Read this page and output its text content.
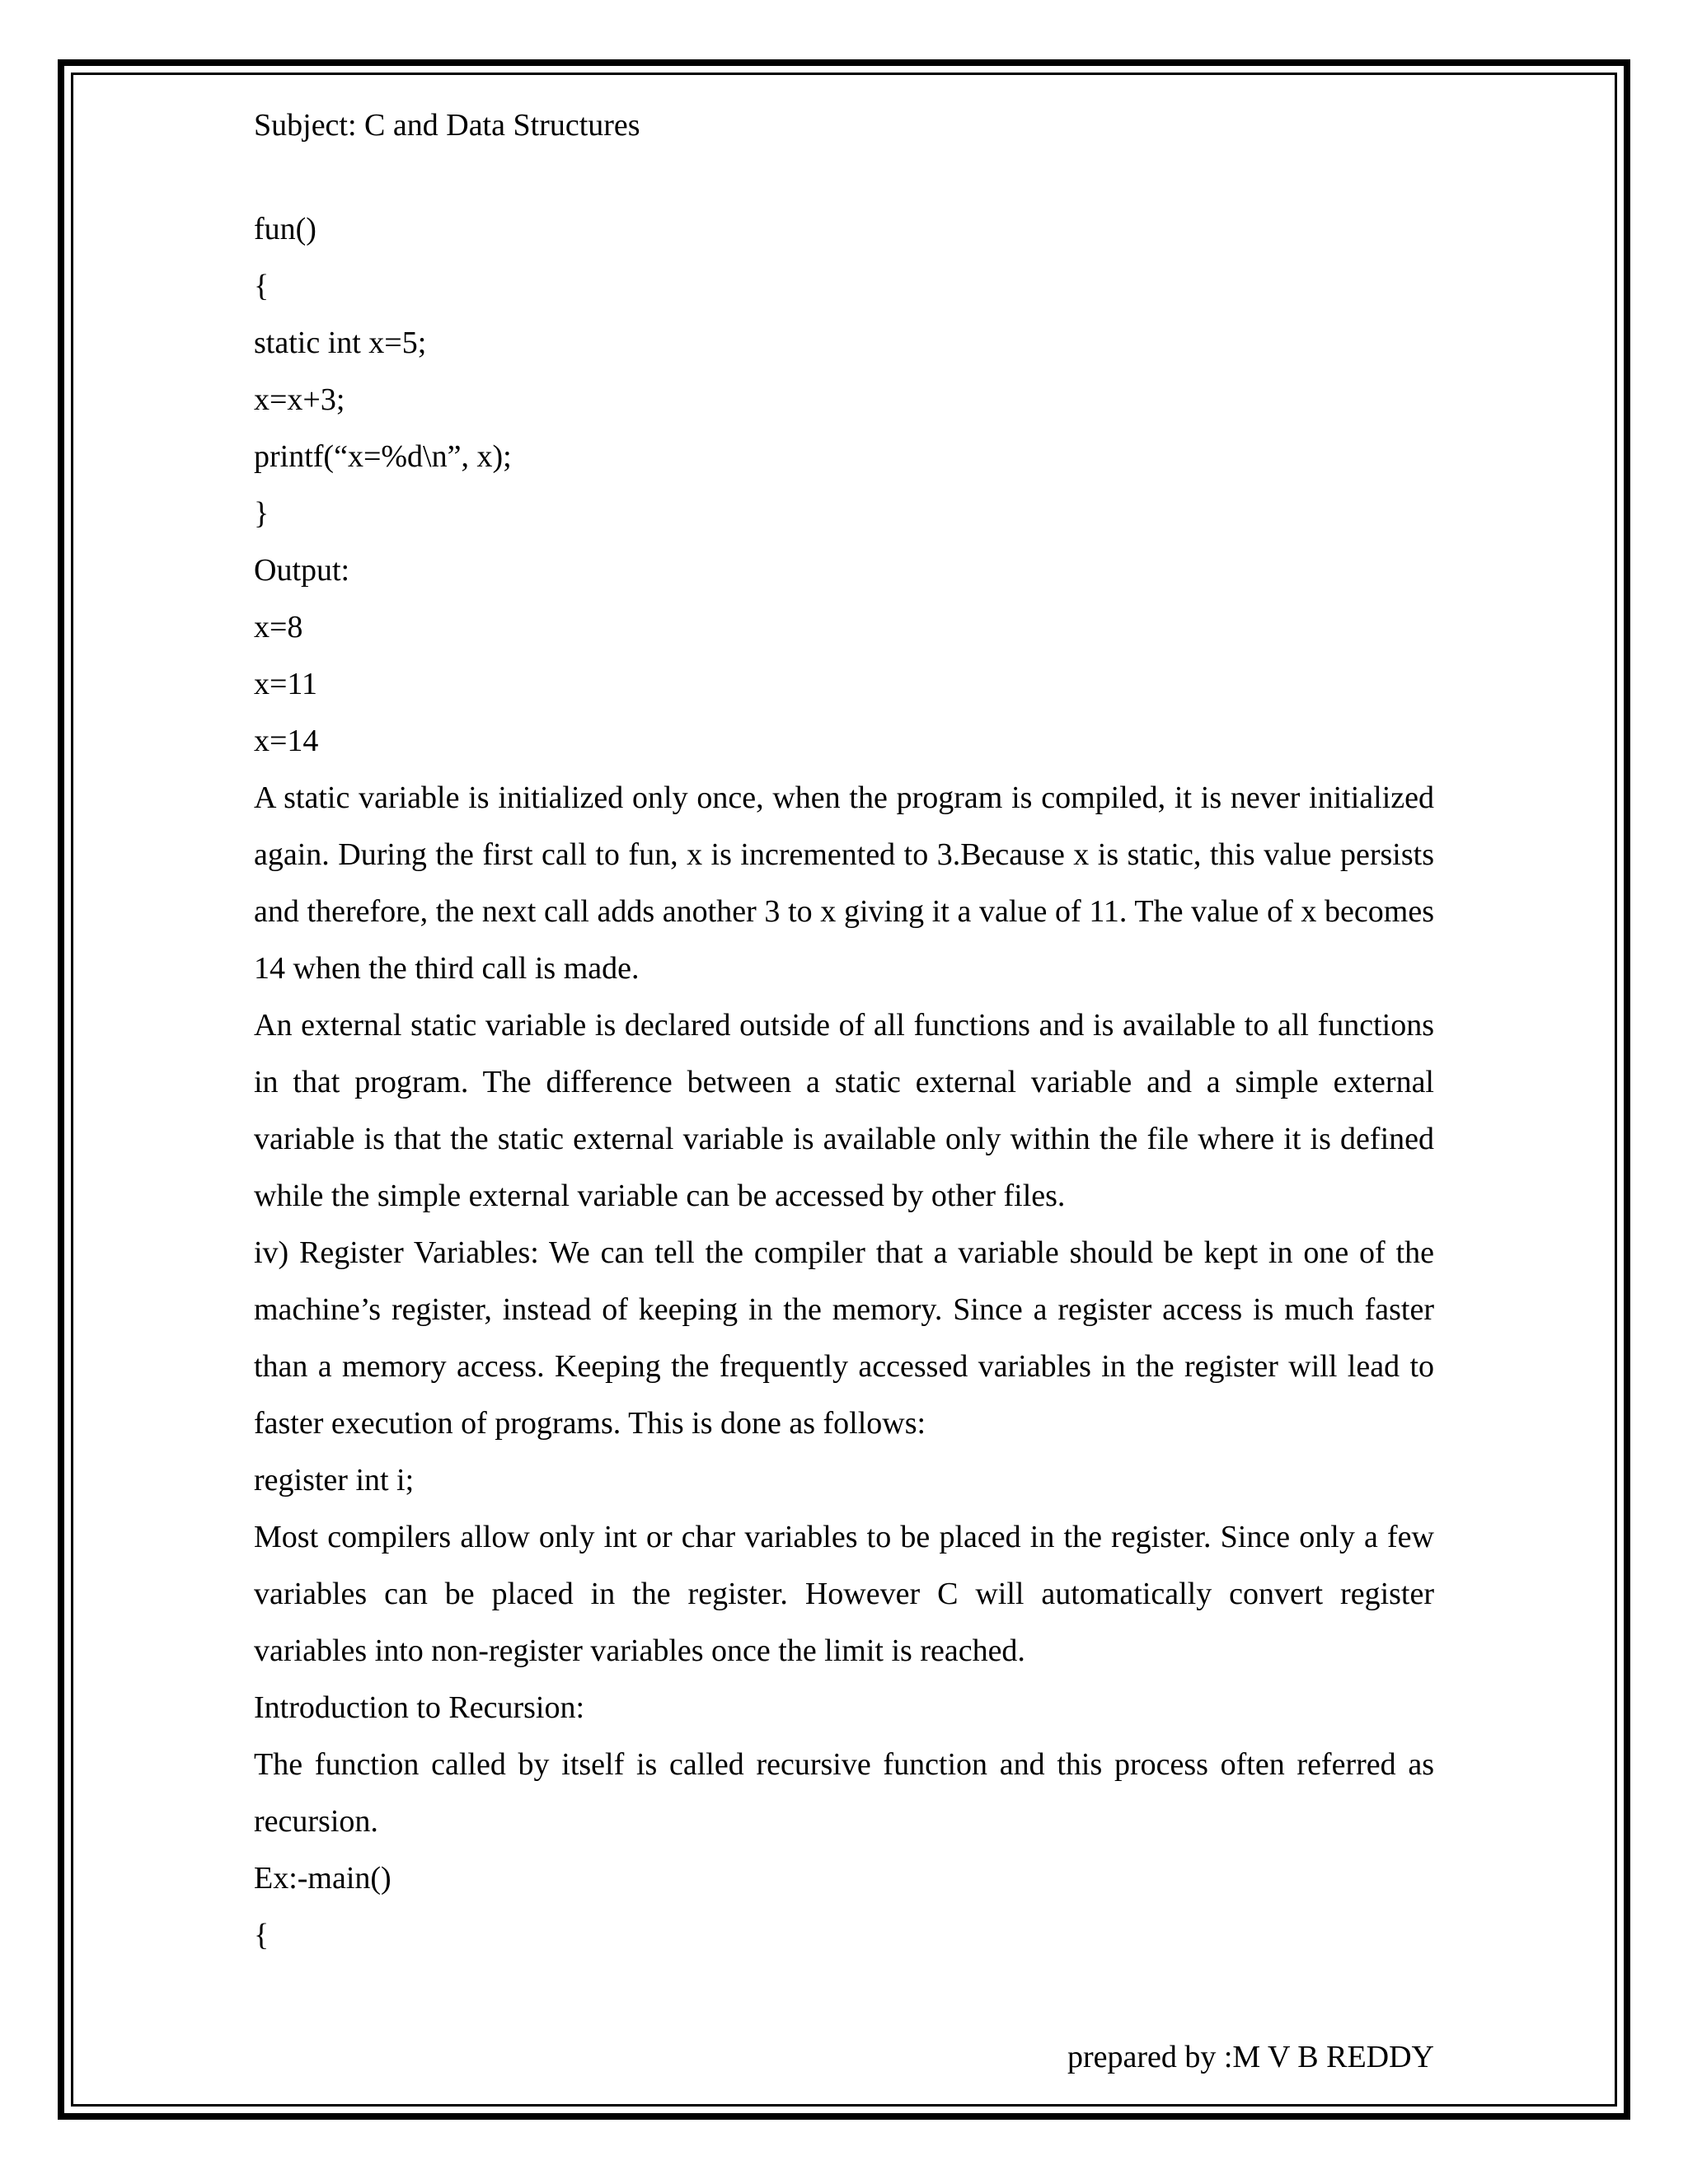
Subject: C and Data Structures
fun()
{
static int x=5;
x=x+3;
printf(“x=%d\n”, x);
}
Output:
x=8
x=11
x=14

A static variable is initialized only once, when the program is compiled, it is never initialized again. During the first call to fun, x is incremented to 3.Because x is static, this value persists and therefore, the next call adds another 3 to x giving it a value of 11. The value of x becomes 14 when the third call is made.

An external static variable is declared outside of all functions and is available to all functions in that program. The difference between a static external variable and a simple external variable is that the static external variable is available only within the file where it is defined while the simple external variable can be accessed by other files.

iv) Register Variables: We can tell the compiler that a variable should be kept in one of the machine’s register, instead of keeping in the memory. Since a register access is much faster than a memory access. Keeping the frequently accessed variables in the register will lead to faster execution of programs. This is done as follows:

register int i;

Most compilers allow only int or char variables to be placed in the register. Since only a few variables can be placed in the register. However C will automatically convert register variables into non-register variables once the limit is reached.

Introduction to Recursion:

The function called by itself is called recursive function and this process often referred as recursion.

Ex:-main()
{
prepared by :M V B REDDY
